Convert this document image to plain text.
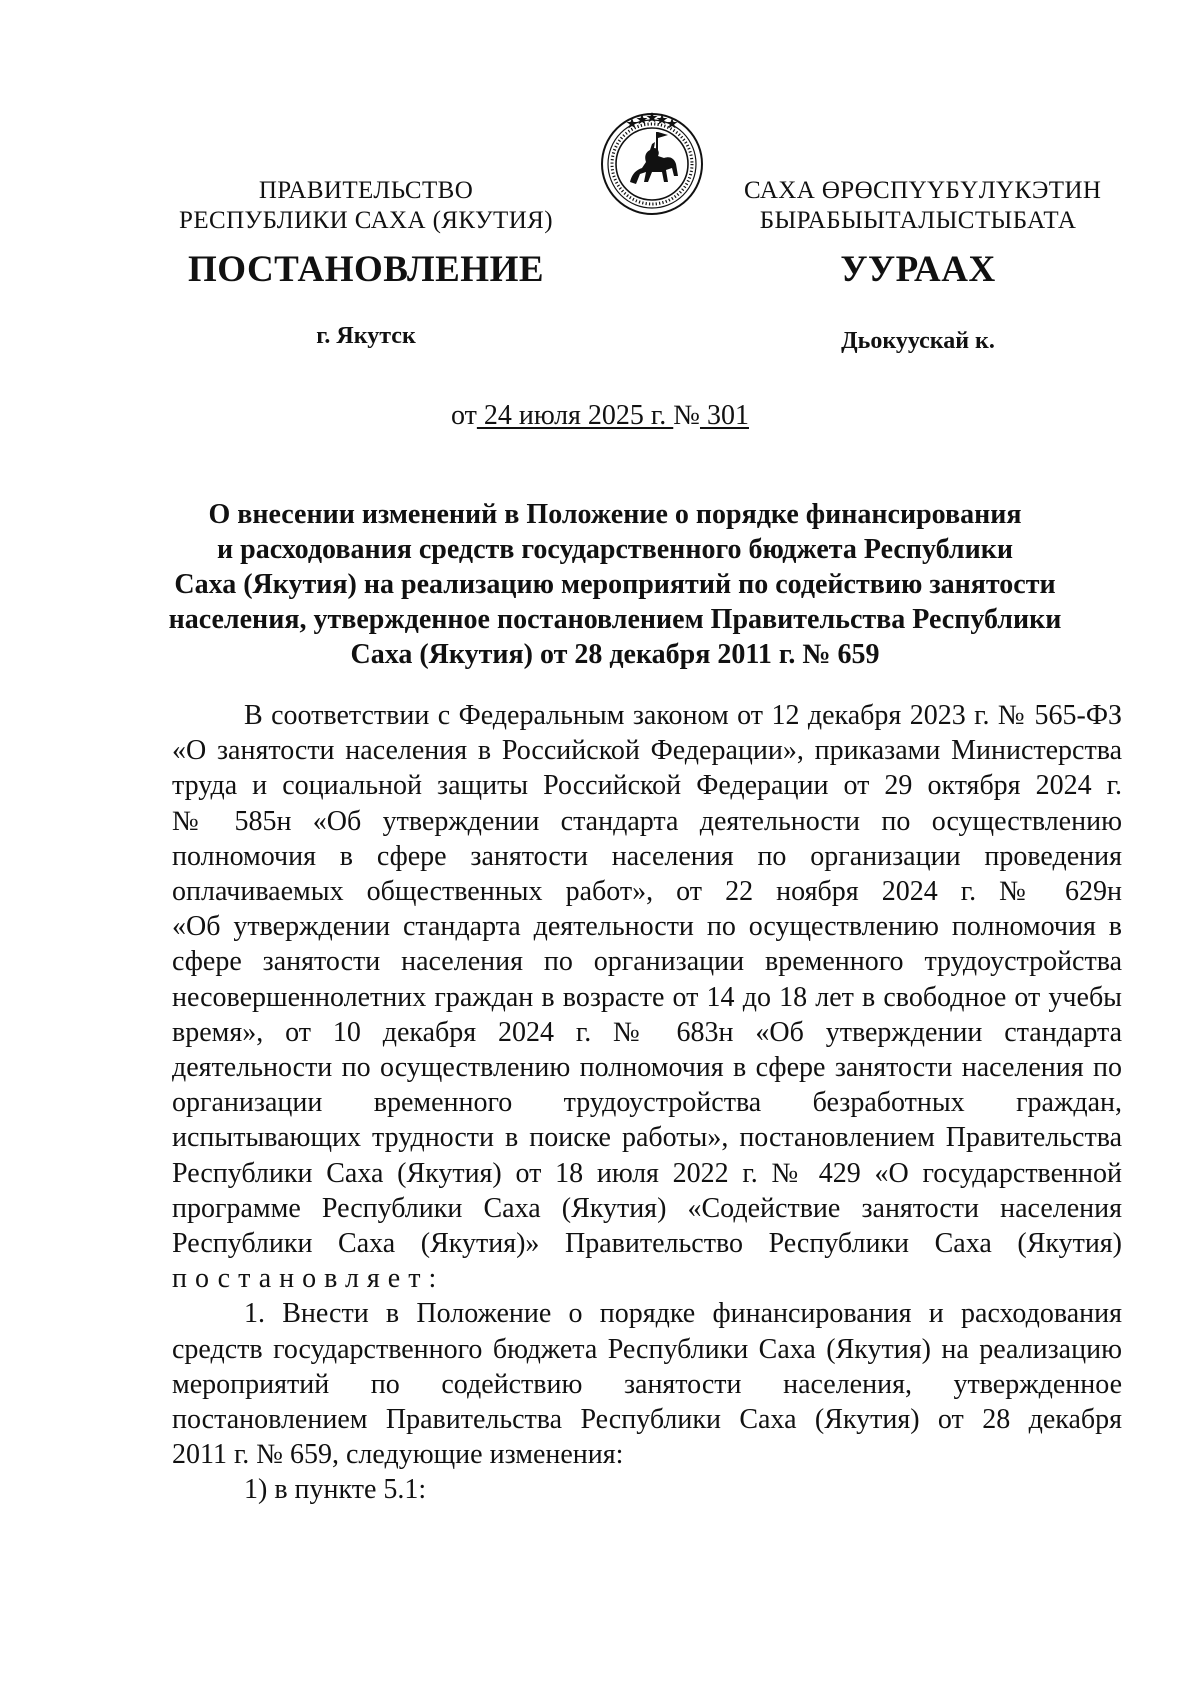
ПРАВИТЕЛЬСТВО
РЕСПУБЛИКИ САХА (ЯКУТИЯ)
САХА ӨРӨСПҮҮБҮЛҮКЭТИН
БЫРАБЫЫТАЛЫСТЫБАТА
ПОСТАНОВЛЕНИЕ	УУРААХ
г. Якутск	Дьокуускай к.
от 24 июля 2025 г. № 301
О внесении изменений в Положение о порядке финансирования
и расходования средств государственного бюджета Республики
Саха (Якутия) на реализацию мероприятий по содействию занятости
населения, утвержденное постановлением Правительства Республики
Саха (Якутия) от 28 декабря 2011 г. № 659
В соответствии с Федеральным законом от 12 декабря 2023 г. № 565-ФЗ
«О занятости населения в Российской Федерации», приказами Министерства
труда и социальной защиты Российской Федерации от 29 октября 2024 г.
№ 585н «Об утверждении стандарта деятельности по осуществлению
полномочия в сфере занятости населения по организации проведения
оплачиваемых общественных работ», от 22 ноября 2024 г. № 629н
«Об утверждении стандарта деятельности по осуществлению полномочия в
сфере занятости населения по организации временного трудоустройства
несовершеннолетних граждан в возрасте от 14 до 18 лет в свободное от учебы
время», от 10 декабря 2024 г. № 683н «Об утверждении стандарта
деятельности по осуществлению полномочия в сфере занятости населения по
организации временного трудоустройства безработных граждан,
испытывающих трудности в поиске работы», постановлением Правительства
Республики Саха (Якутия) от 18 июля 2022 г. № 429 «О государственной
программе Республики Саха (Якутия) «Содействие занятости населения
Республики Саха (Якутия)» Правительство Республики Саха (Якутия)
постановляет:
1. Внести в Положение о порядке финансирования и расходования
средств государственного бюджета Республики Саха (Якутия) на реализацию
мероприятий по содействию занятости населения, утвержденное
постановлением Правительства Республики Саха (Якутия) от 28 декабря
2011 г. № 659, следующие изменения:
1) в пункте 5.1:
